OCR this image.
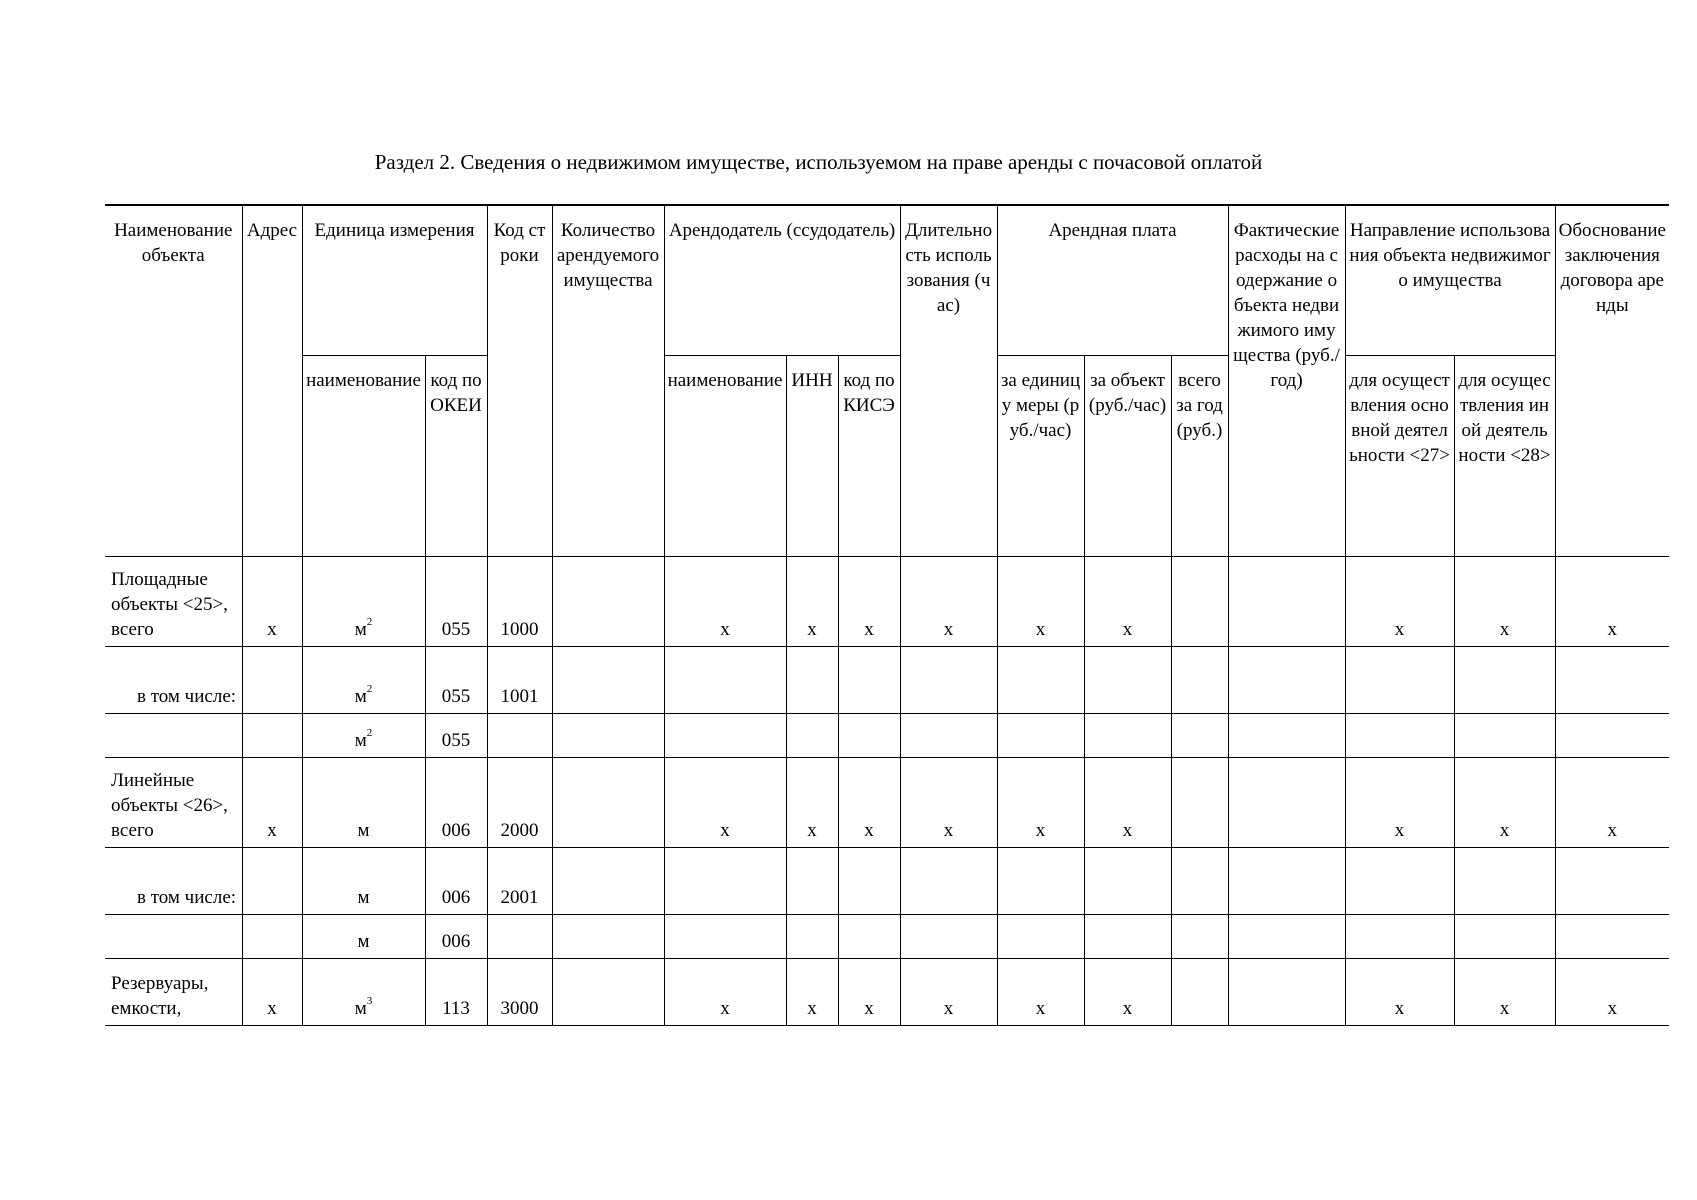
Раздел 2. Сведения о недвижимом имуществе, используемом на праве аренды с почасовой оплатой
Наименование объекта	Адрес	Единица измерения		Код строки	Количество арендуемого имущества	Арендодатель (ссудодатель)			Длительность использования (час)	Арендная плата			Фактические расходы на содержание объекта недвижимого имущества (руб./год)	Направление использования объекта недвижимого имущества		Обоснование заключения договора аренды
		наименование	код по ОКЕИ			наименование	ИНН	код по КИСЭ		за единицу меры (руб./час)	за объект (руб./час)	всего за год (руб.)		для осуществления основной деятельности <27>	для осуществления иной деятельности <28>	
Площадные объекты <25>, всего	х	$м^2$	055	1000		х	х	х	х	х	х			х	х	х
в том числе:		$м^2$	055	1001												
		$м^2$	055													
Линейные объекты <26>, всего	х	м	006	2000		х	х	х	х	х	х			х	х	х
в том числе:		м	006	2001												
		м	006													
Резервуары, емкости,	х	$м^3$	113	3000		х	х	х	х	х	х			х	х	х
